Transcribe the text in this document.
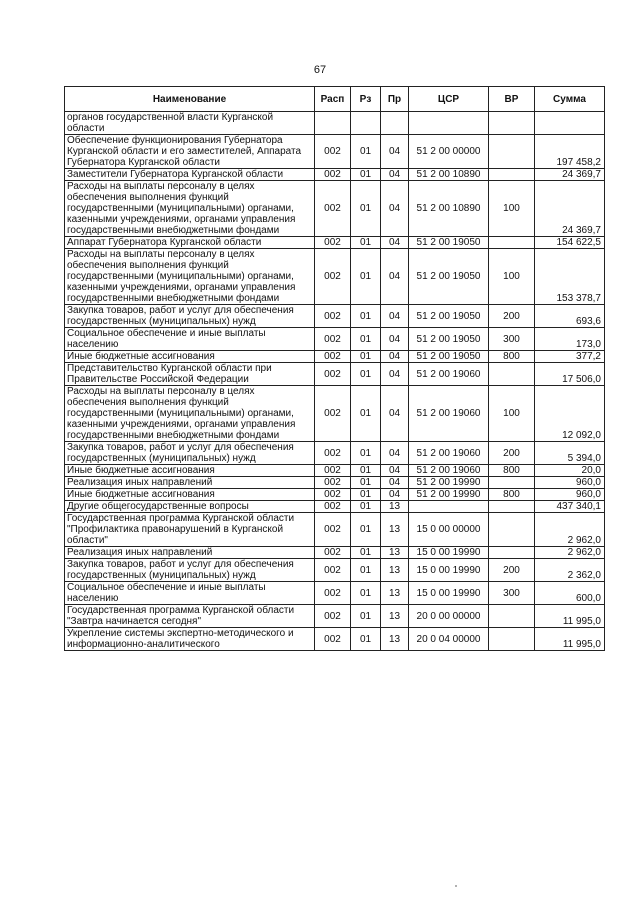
67
Наименование	Расп	Рз	Пр	ЦСР	ВР	Сумма
органов государственной власти Курганской области						
Обеспечение функционирования Губернатора Курганской области и его заместителей, Аппарата Губернатора Курганской области	002	01	04	51 2 00 00000		197 458,2
Заместители Губернатора Курганской области	002	01	04	51 2 00 10890		24 369,7
Расходы на выплаты персоналу в целях обеспечения выполнения функций государственными (муниципальными) органами, казенными учреждениями, органами управления государственными внебюджетными фондами	002	01	04	51 2 00 10890	100	24 369,7
Аппарат Губернатора Курганской области	002	01	04	51 2 00 19050		154 622,5
Расходы на выплаты персоналу в целях обеспечения выполнения функций государственными (муниципальными) органами, казенными учреждениями, органами управления государственными внебюджетными фондами	002	01	04	51 2 00 19050	100	153 378,7
Закупка товаров, работ и услуг для обеспечения государственных (муниципальных) нужд	002	01	04	51 2 00 19050	200	693,6
Социальное обеспечение и иные выплаты населению	002	01	04	51 2 00 19050	300	173,0
Иные бюджетные ассигнования	002	01	04	51 2 00 19050	800	377,2
Представительство Курганской области при Правительстве Российской Федерации	002	01	04	51 2 00 19060		17 506,0
Расходы на выплаты персоналу в целях обеспечения выполнения функций государственными (муниципальными) органами, казенными учреждениями, органами управления государственными внебюджетными фондами	002	01	04	51 2 00 19060	100	12 092,0
Закупка товаров, работ и услуг для обеспечения государственных (муниципальных) нужд	002	01	04	51 2 00 19060	200	5 394,0
Иные бюджетные ассигнования	002	01	04	51 2 00 19060	800	20,0
Реализация иных направлений	002	01	04	51 2 00 19990		960,0
Иные бюджетные ассигнования	002	01	04	51 2 00 19990	800	960,0
Другие общегосударственные вопросы	002	01	13			437 340,1
Государственная программа Курганской области "Профилактика правонарушений в Курганской области"	002	01	13	15 0 00 00000		2 962,0
Реализация иных направлений	002	01	13	15 0 00 19990		2 962,0
Закупка товаров, работ и услуг для обеспечения государственных (муниципальных) нужд	002	01	13	15 0 00 19990	200	2 362,0
Социальное обеспечение и иные выплаты населению	002	01	13	15 0 00 19990	300	600,0
Государственная программа Курганской области "Завтра начинается сегодня"	002	01	13	20 0 00 00000		11 995,0
Укрепление системы экспертно-методического и информационно-аналитического	002	01	13	20 0 04 00000		11 995,0
